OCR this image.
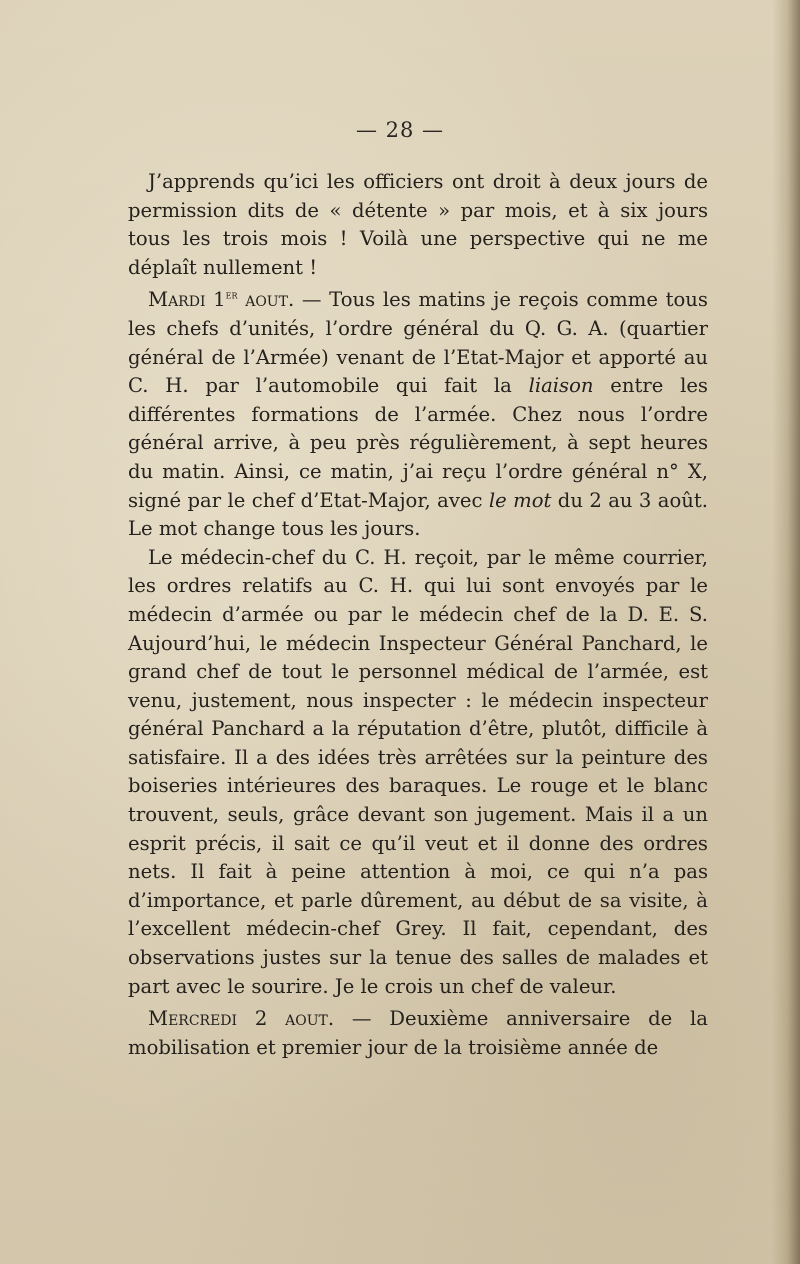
— 28 —

J’apprends qu’ici les officiers ont droit à deux jours de permission dits de « détente » par mois, et à six jours tous les trois mois ! Voilà une perspective qui ne me déplaît nullement !

Mardi 1er aout. — Tous les matins je reçois comme tous les chefs d’unités, l’ordre général du Q. G. A. (quartier général de l’Armée) venant de l’Etat-Major et apporté au C. H. par l’automobile qui fait la liaison entre les différentes formations de l’armée. Chez nous l’ordre général arrive, à peu près régulièrement, à sept heures du matin. Ainsi, ce matin, j’ai reçu l’ordre général n° X, signé par le chef d’Etat-Major, avec le mot du 2 au 3 août. Le mot change tous les jours.

Le médecin-chef du C. H. reçoit, par le même courrier, les ordres relatifs au C. H. qui lui sont envoyés par le médecin d’armée ou par le médecin chef de la D. E. S. Aujourd’hui, le médecin Inspecteur Général Panchard, le grand chef de tout le personnel médical de l’armée, est venu, justement, nous inspecter : le médecin inspecteur général Panchard a la réputation d’être, plutôt, difficile à satisfaire. Il a des idées très arrêtées sur la peinture des boiseries intérieures des baraques. Le rouge et le blanc trouvent, seuls, grâce devant son jugement. Mais il a un esprit précis, il sait ce qu’il veut et il donne des ordres nets. Il fait à peine attention à moi, ce qui n’a pas d’importance, et parle dûrement, au début de sa visite, à l’excellent médecin-chef Grey. Il fait, cependant, des observations justes sur la tenue des salles de malades et part avec le sourire. Je le crois un chef de valeur.

Mercredi 2 aout. — Deuxième anniversaire de la mobilisation et premier jour de la troisième année de
